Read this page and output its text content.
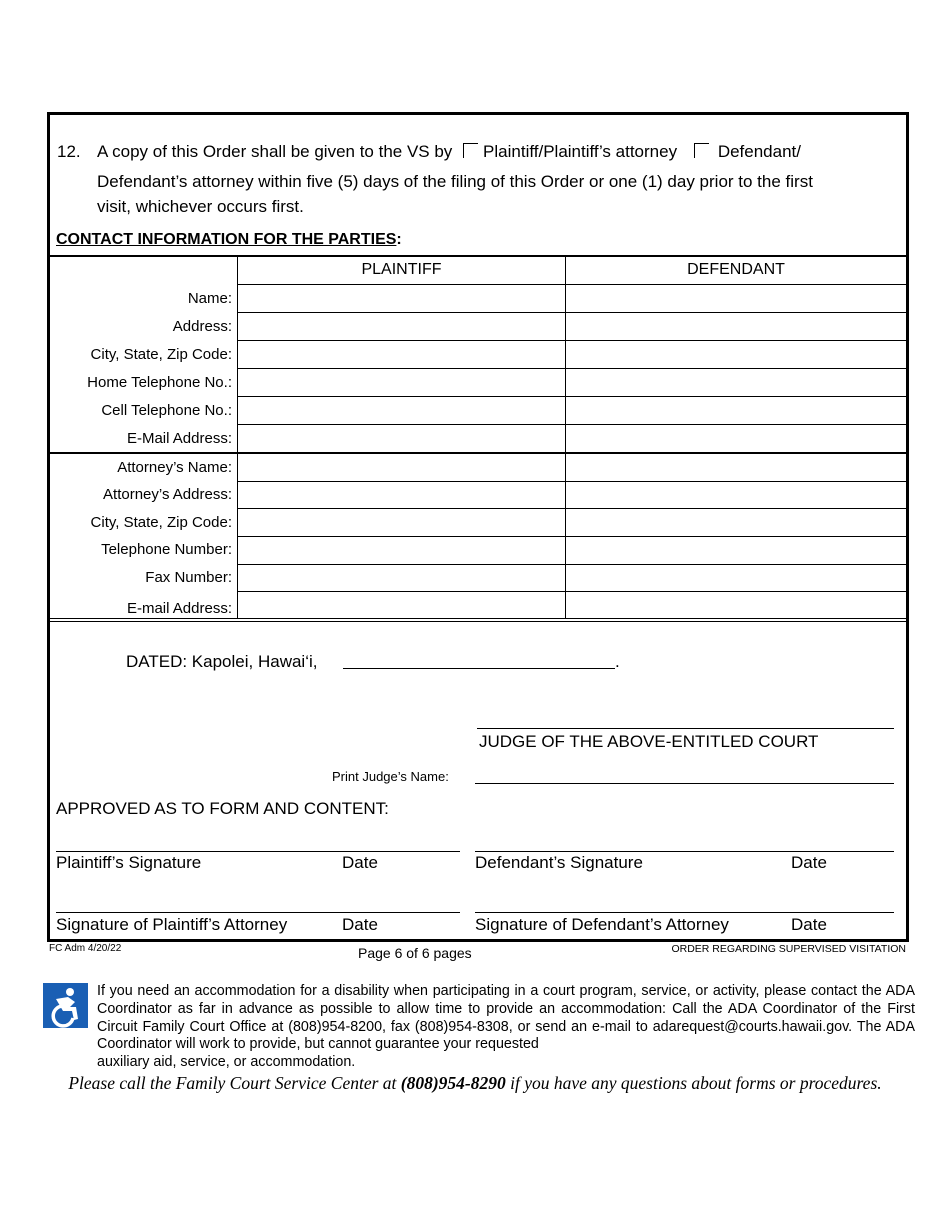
12. A copy of this Order shall be given to the VS by Plaintiff/Plaintiff’s attorney Defendant/
Defendant’s attorney within five (5) days of the filing of this Order or one (1) day prior to the first
visit, whichever occurs first.
CONTACT INFORMATION FOR THE PARTIES:
PLAINTIFF	DEFENDANT
Name:
Address:
City, State, Zip Code:
Home Telephone No.:
Cell Telephone No.:
E-Mail Address:
Attorney’s Name:
Attorney’s Address:
City, State, Zip Code:
Telephone Number:
Fax Number:
E-mail Address:
DATED: Kapolei, Hawai‘i,	.
JUDGE OF THE ABOVE-ENTITLED COURT
Print Judge’s Name:
APPROVED AS TO FORM AND CONTENT:
Plaintiff’s Signature	Date	Defendant’s Signature	Date
Signature of Plaintiff’s Attorney	Date	Signature of Defendant’s Attorney	Date
FC Adm 4/20/22	Page 6 of 6 pages	ORDER REGARDING SUPERVISED VISITATION
If you need an accommodation for a disability when participating in a court program, service, or activity, please contact the ADA Coordinator as far in advance as possible to allow time to provide an accommodation: Call the ADA Coordinator of the First Circuit Family Court Office at (808)954-8200, fax (808)954-8308, or send an e-mail to adarequest@courts.hawaii.gov. The ADA Coordinator will work to provide, but cannot guarantee your requested
auxiliary aid, service, or accommodation.
Please call the Family Court Service Center at (808)954-8290 if you have any questions about forms or procedures.
